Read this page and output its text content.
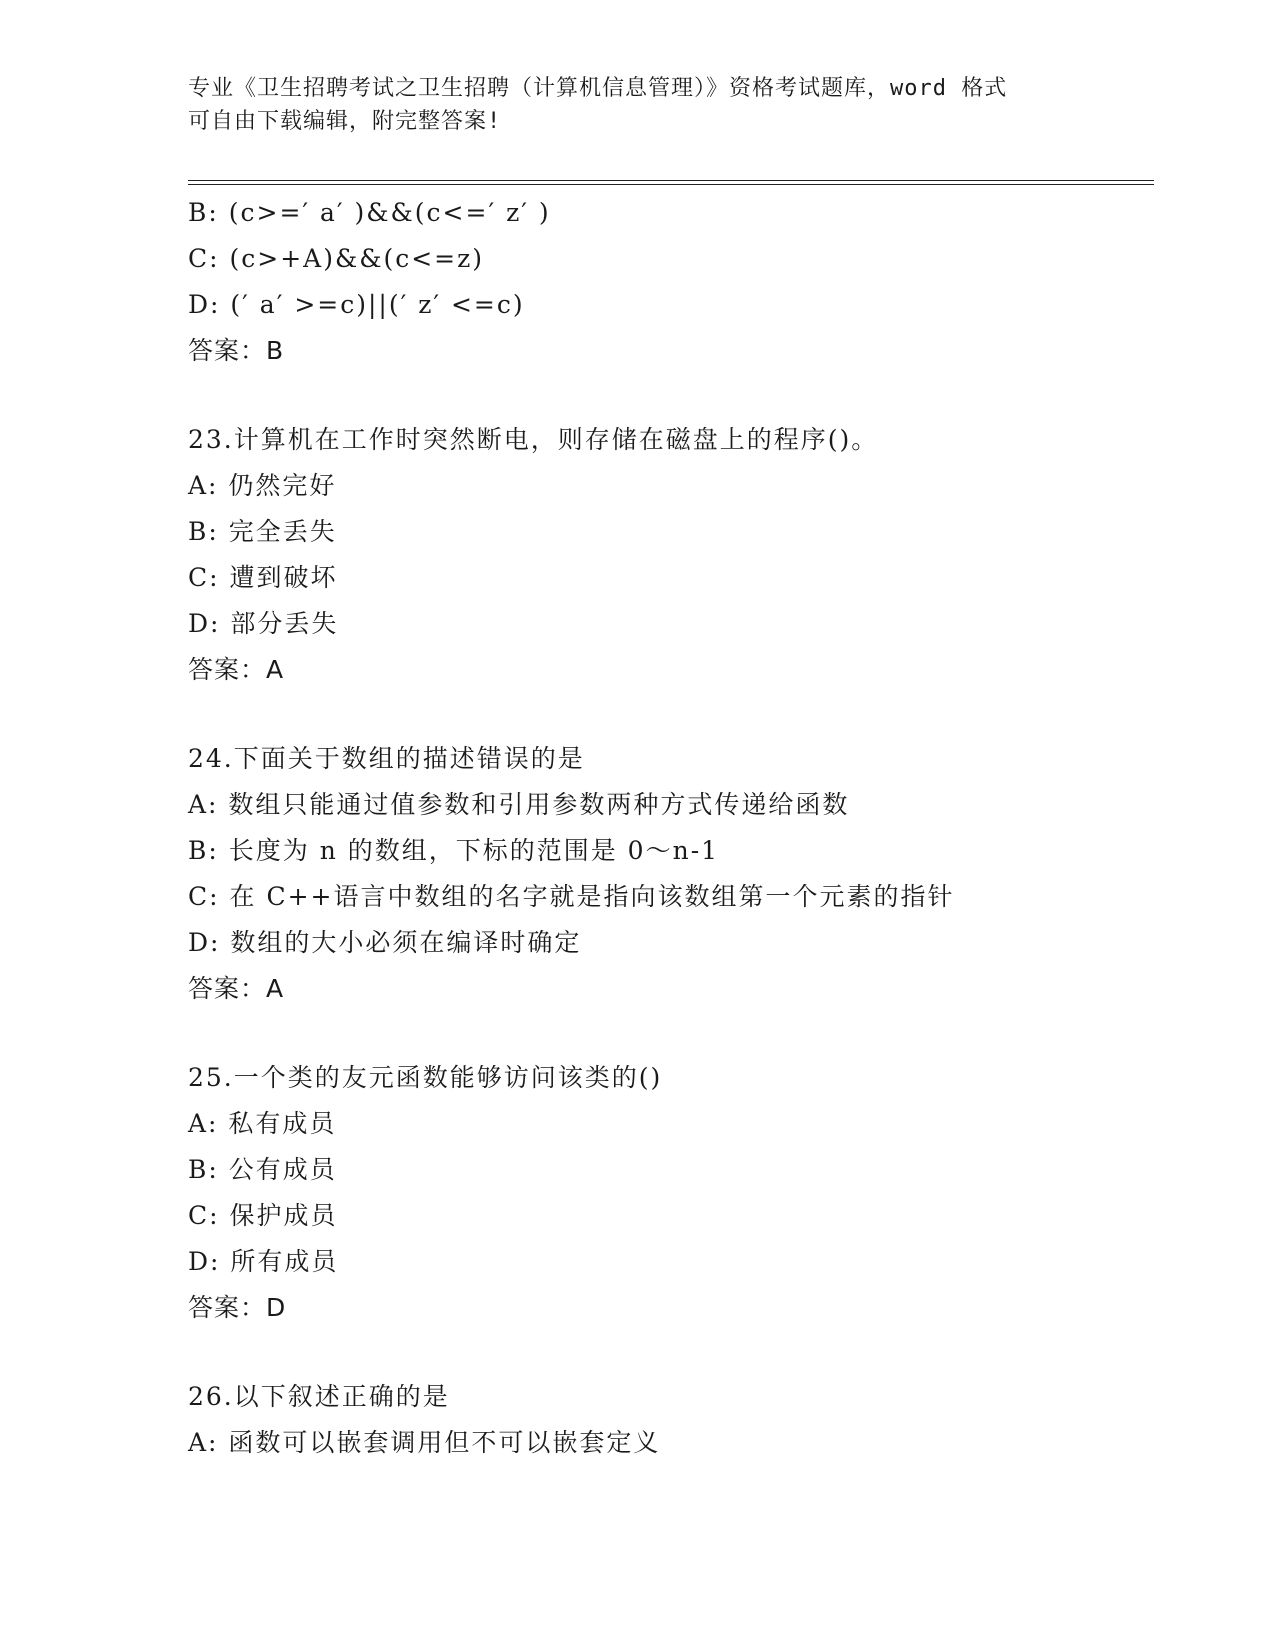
专业《卫生招聘考试之卫生招聘（计算机信息管理）》资格考试题库，word 格式
可自由下载编辑，附完整答案!
B: (c>=′ a′ )&&(c<=′ z′ )
C: (c>+A)&&(c<=z)
D: (′ a′ >=c)||(′ z′ <=c)
答案：B
23.计算机在工作时突然断电，则存储在磁盘上的程序()。
A: 仍然完好
B: 完全丢失
C: 遭到破坏
D: 部分丢失
答案：A
24.下面关于数组的描述错误的是
A: 数组只能通过值参数和引用参数两种方式传递给函数
B: 长度为 n 的数组，下标的范围是 0～n-1
C: 在 C++语言中数组的名字就是指向该数组第一个元素的指针
D: 数组的大小必须在编译时确定
答案：A
25.一个类的友元函数能够访问该类的()
A: 私有成员
B: 公有成员
C: 保护成员
D: 所有成员
答案：D
26.以下叙述正确的是
A: 函数可以嵌套调用但不可以嵌套定义
